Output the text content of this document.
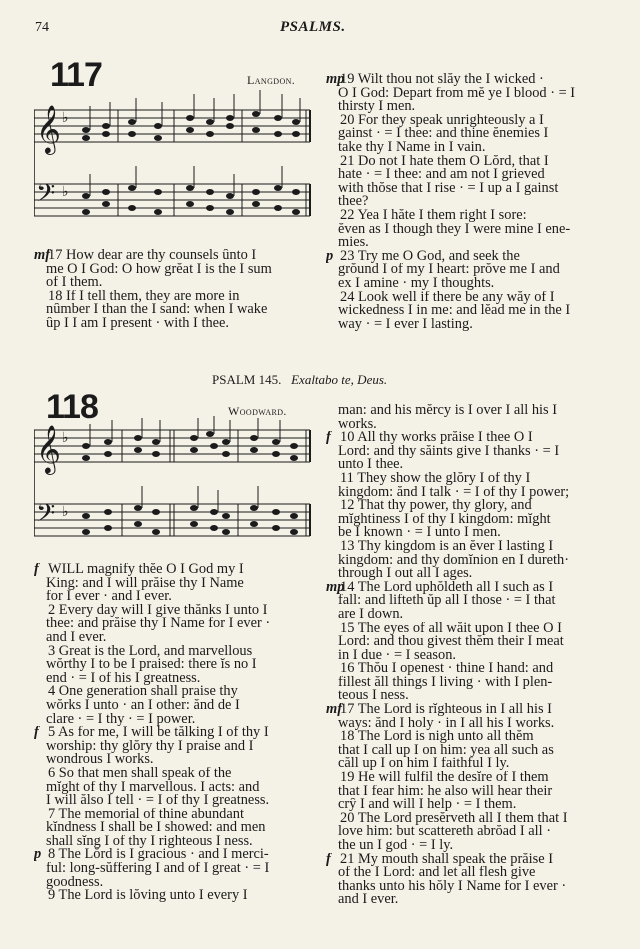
74	PSALMS.
117	Langdon.
𝄞
𝄢
♭
♭
mf17 How dear are thy counsels ûnto I
me O I God: O how grĕat I is the I sum
of I them.
18 If I tell them, they are more in
nûmber I than the I sand: when I wake
ûp I I am I present · with I thee.
mp19 Wilt thou not slăy the I wicked ·
O I God: Depart from mĕ ye I blood · = I
thirsty I men.
20 For they speak unrighteously a I
gainst · = I thee: and thine ĕnemies I
take thy I Name in I vain.
21 Do not I hate them O Lŏrd, that I
hate · = I thee: and am not I grieved
with thŏse that I rise · = I up a I gainst
thee?
22 Yea I hăte I them right I sore:
ĕven as I though they I were mine I ene-
mies.
p 23 Try me O God, and seek the
grŏund I of my I heart: prŏve me I and
ex I amine · my I thoughts.
24 Look well if there be any wăy of I
wickedness I in me: and lĕad me in the I
way · = I ever I lasting.
PSALM 145. Exaltabo te, Deus.
118	Woodward.
𝄞
𝄢
♭
♭
f WILL magnify thĕe O I God my I
King: and I will prăise thy I Name
for I ever · and I ever.
2 Every day will I give thănks I unto I
thee: and prăise thy I Name for I ever ·
and I ever.
3 Great is the Lord, and marvellous
wŏrthy I to be I praised: there ĭs no I
end · = I of his I greatness.
4 One generation shall praise thy
wŏrks I unto · an I other: ănd de I
clare · = I thy · = I power.
f 5 As for me, I will be tălking I of thy I
worship: thy glŏry thy I praise and I
wondrous I works.
6 So that men shall speak of the
mĭght of thy I marvellous. I acts: and
I will ălso I tell · = I of thy I greatness.
7 The memorial of thine abundant
kĭndness I shall be I showed: and men
shall sĭng I of thy I righteous I ness.
p 8 The Lŏrd is I gracious · and I merci-
ful: long-sŭffering I and of I great · = I
goodness.
9 The Lord is lŏving unto I every I
man: and his mĕrcy is I over I all his I
works.
f 10 All thy works prăise I thee O I
Lord: and thy săints give I thanks · = I
unto I thee.
11 They show the glŏry I of thy I
kingdom: ănd I talk · = I of thy I power;
12 That thy power, thy glory, and
mĭghtiness I of thy I kingdom: mĭght
be I known · = I unto I men.
13 Thy kingdom is an ĕver I lasting I
kingdom: and thy domĭnion en I dureth·
through I out all I ages.
mp14 The Lord uphŏldeth all I such as I
fall: and lifteth ŭp all I those · = I that
are I down.
15 The eyes of all wăit upon I thee O I
Lord: and thou givest thĕm their I meat
in I due · = I season.
16 Thŏu I openest · thine I hand: and
fillest ăll things I living · with I plen-
teous I ness.
mf17 The Lord is rĭghteous in I all his I
ways: ănd I holy · in I all his I works.
18 The Lord is nigh unto all thĕm
that I call up I on him: yea all such as
căll up I on him I faithful I ly.
19 He will fulfil the desĭre of I them
that I fear him: he also will hear their
crŷ I and will I help · = I them.
20 The Lord presĕrveth all I them that I
love him: but scattereth abrŏad I all ·
the un I god · = I ly.
f 21 My mouth shall speak the prăise I
of the I Lord: and let all flesh give
thanks unto his hŏly I Name for I ever ·
and I ever.
